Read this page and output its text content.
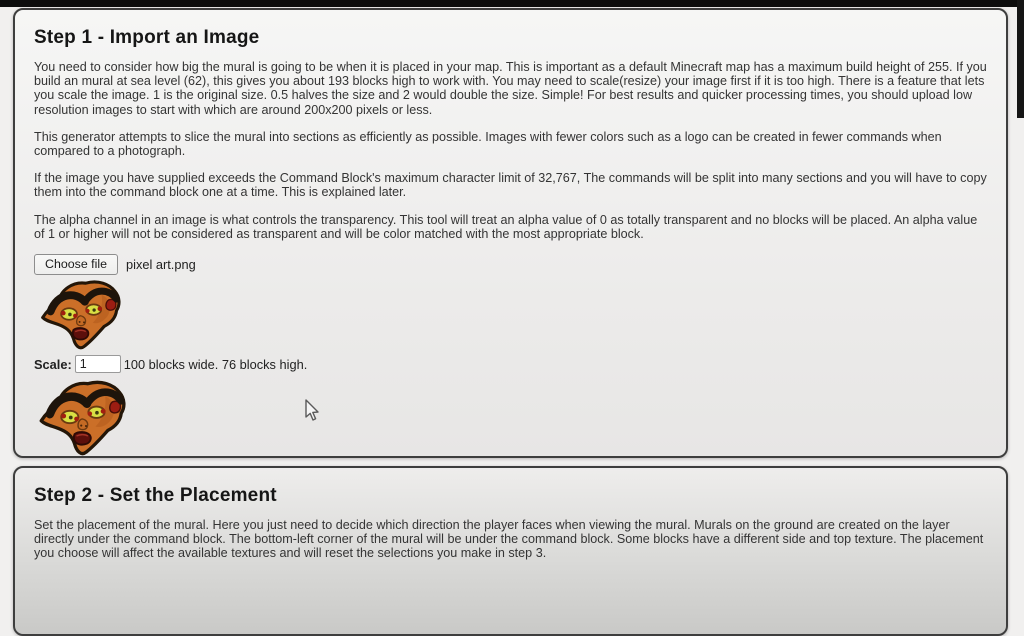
Step 1 - Import an Image

You need to consider how big the mural is going to be when it is placed in your map. This is important as a default Minecraft map has a maximum build height of 255. If you build an mural at sea level (62), this gives you about 193 blocks high to work with. You may need to scale(resize) your image first if it is too high. There is a feature that lets you scale the image. 1 is the original size. 0.5 halves the size and 2 would double the size. Simple! For best results and quicker processing times, you should upload low resolution images to start with which are around 200x200 pixels or less.

This generator attempts to slice the mural into sections as efficiently as possible. Images with fewer colors such as a logo can be created in fewer commands when compared to a photograph.

If the image you have supplied exceeds the Command Block's maximum character limit of 32,767, The commands will be split into many sections and you will have to copy them into the command block one at a time. This is explained later.

The alpha channel in an image is what controls the transparency. This tool will treat an alpha value of 0 as totally transparent and no blocks will be placed. An alpha value of 1 or higher will not be considered as transparent and will be color matched with the most appropriate block.

Choose file	pixel art.png
Scale:
1	100 blocks wide. 76 blocks high.
Step 2 - Set the Placement

Set the placement of the mural. Here you just need to decide which direction the player faces when viewing the mural. Murals on the ground are created on the layer directly under the command block. The bottom-left corner of the mural will be under the command block. Some blocks have a different side and top texture. The placement you choose will affect the available textures and will reset the selections you make in step 3.
